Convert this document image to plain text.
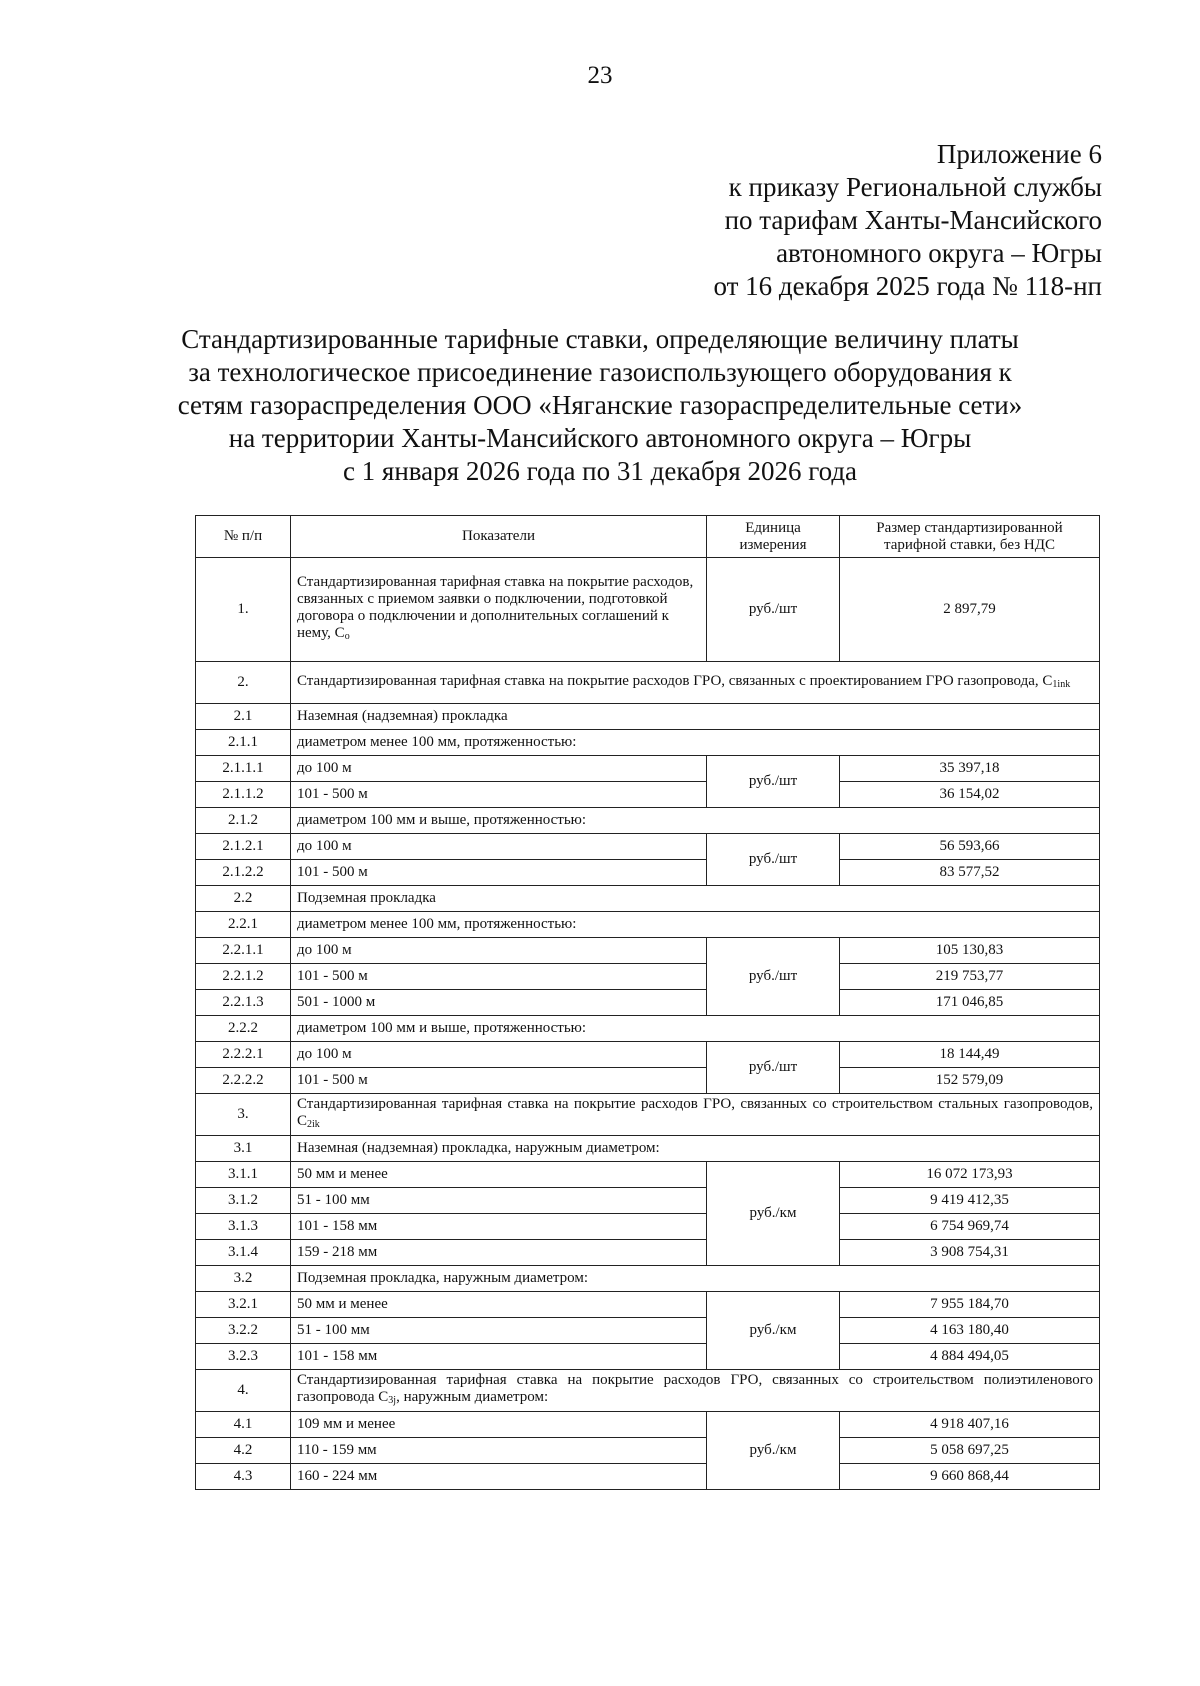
23
Приложение 6
к приказу Региональной службы
по тарифам Ханты-Мансийского
автономного округа – Югры
от 16 декабря 2025 года № 118-нп
Стандартизированные тарифные ставки, определяющие величину платы
за технологическое присоединение газоиспользующего оборудования к
сетям газораспределения ООО «Няганские газораспределительные сети»
на территории Ханты-Мансийского автономного округа – Югры
с 1 января 2026 года по 31 декабря 2026 года
№ п/п	Показатели	Единица измерения	Размер стандартизированной тарифной ставки, без НДС
1.	Стандартизированная тарифная ставка на покрытие расходов, связанных с приемом заявки о подключении, подготовкой договора о подключении и дополнительных соглашений к нему, $C_o$	руб./шт	2 897,79
2.	Стандартизированная тарифная ставка на покрытие расходов ГРО, связанных с проектированием ГРО газопровода, $C_{1ink}$
2.1	Наземная (надземная) прокладка		
2.1.1	диаметром менее 100 мм, протяженностью:		
2.1.1.1	до 100 м	руб./шт	35 397,18
2.1.1.2	101 - 500 м		36 154,02
2.1.2	диаметром 100 мм и выше, протяженностью:		
2.1.2.1	до 100 м	руб./шт	56 593,66
2.1.2.2	101 - 500 м		83 577,52
2.2	Подземная прокладка		
2.2.1	диаметром менее 100 мм, протяженностью:		
2.2.1.1	до 100 м	руб./шт	105 130,83
2.2.1.2	101 - 500 м		219 753,77
2.2.1.3	501 - 1000 м		171 046,85
2.2.2	диаметром 100 мм и выше, протяженностью:		
2.2.2.1	до 100 м	руб./шт	18 144,49
2.2.2.2	101 - 500 м		152 579,09
3.	Стандартизированная тарифная ставка на покрытие расходов ГРО, связанных со строительством стальных газопроводов, $C_{2ik}$
3.1	Наземная (надземная) прокладка, наружным диаметром:		
3.1.1	50 мм и менее	руб./км	16 072 173,93
3.1.2	51 - 100 мм		9 419 412,35
3.1.3	101 - 158 мм		6 754 969,74
3.1.4	159 - 218 мм		3 908 754,31
3.2	Подземная прокладка, наружным диаметром:		
3.2.1	50 мм и менее	руб./км	7 955 184,70
3.2.2	51 - 100 мм		4 163 180,40
3.2.3	101 - 158 мм		4 884 494,05
4.	Стандартизированная тарифная ставка на покрытие расходов ГРО, связанных со строительством полиэтиленового газопровода $C_{3j}$, наружным диаметром:		
4.1	109 мм и менее	руб./км	4 918 407,16
4.2	110 - 159 мм		5 058 697,25
4.3	160 - 224 мм		9 660 868,44
